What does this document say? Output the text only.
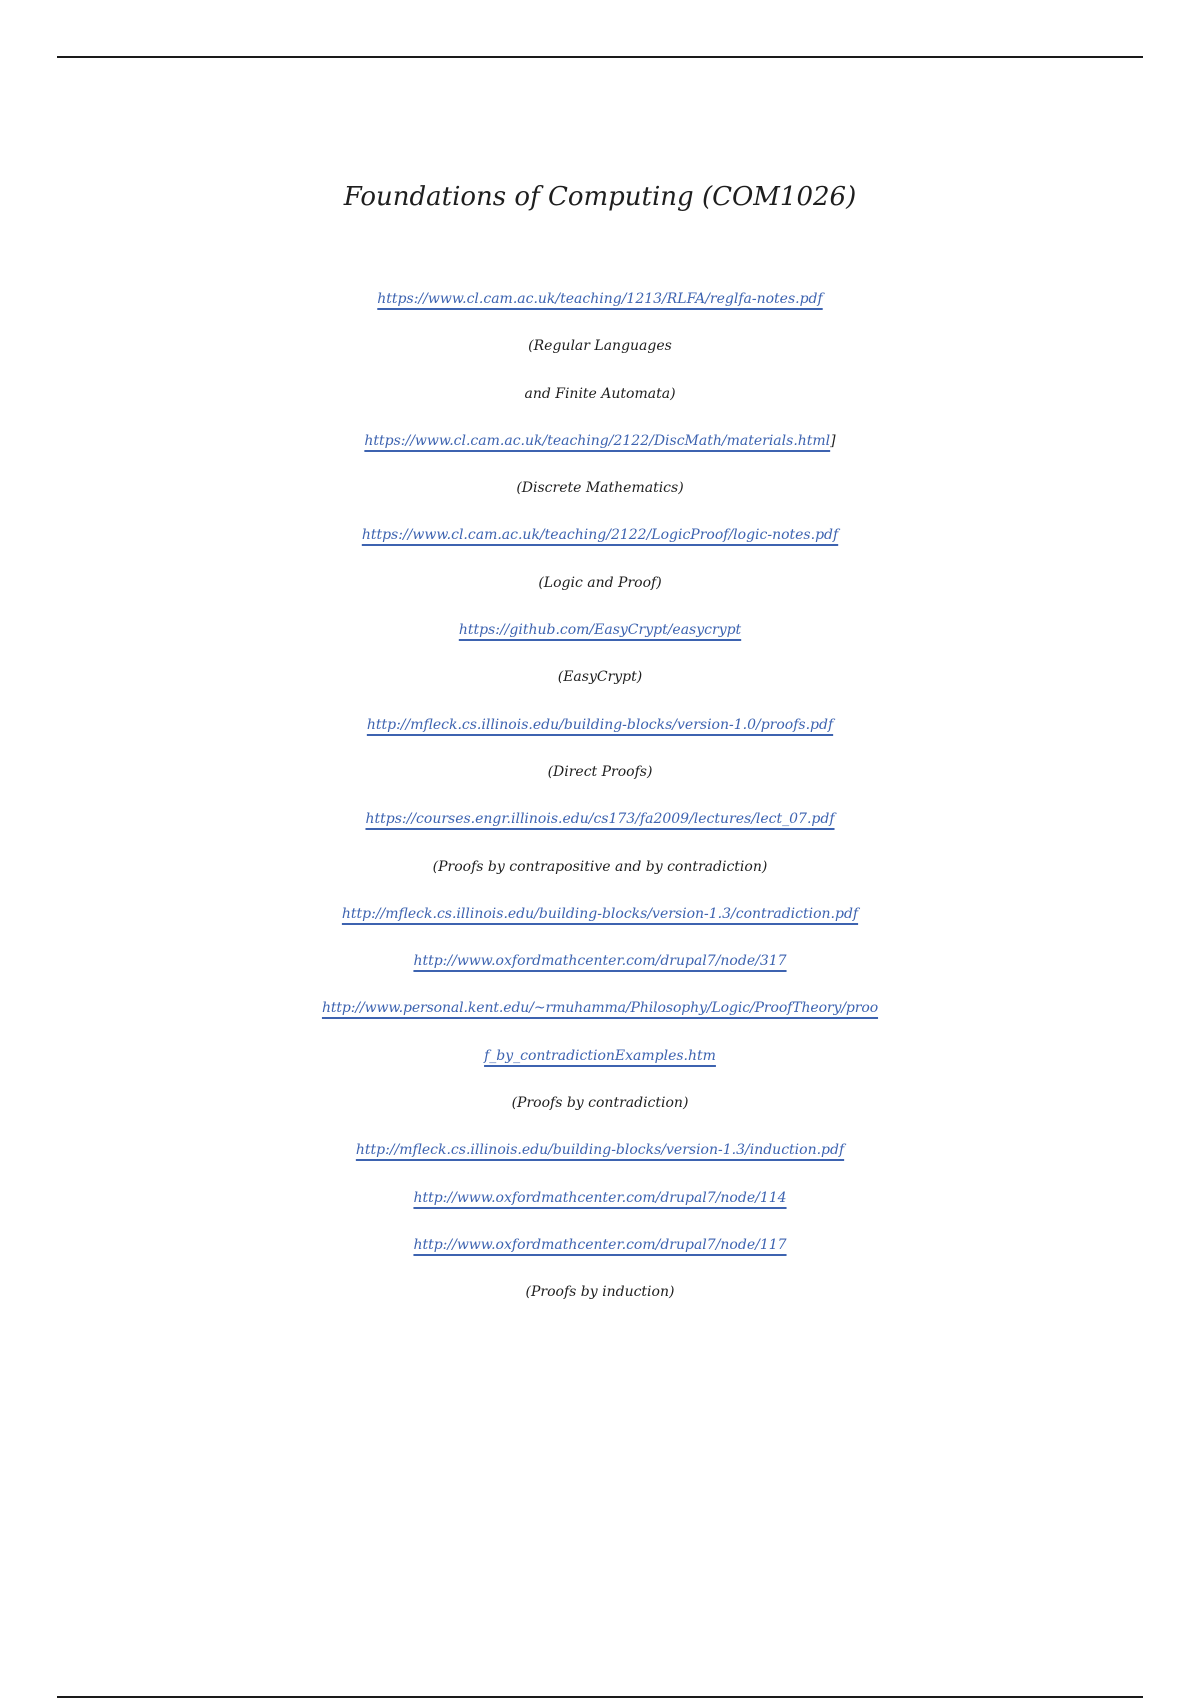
Foundations of Computing (COM1026)
https://www.cl.cam.ac.uk/teaching/1213/RLFA/reglfa-notes.pdf
(Regular Languages
and Finite Automata)
https://www.cl.cam.ac.uk/teaching/2122/DiscMath/materials.html]
(Discrete Mathematics)
https://www.cl.cam.ac.uk/teaching/2122/LogicProof/logic-notes.pdf
(Logic and Proof)
https://github.com/EasyCrypt/easycrypt
(EasyCrypt)
http://mfleck.cs.illinois.edu/building-blocks/version-1.0/proofs.pdf
(Direct Proofs)
https://courses.engr.illinois.edu/cs173/fa2009/lectures/lect_07.pdf
(Proofs by contrapositive and by contradiction)
http://mfleck.cs.illinois.edu/building-blocks/version-1.3/contradiction.pdf
http://www.oxfordmathcenter.com/drupal7/node/317
http://www.personal.kent.edu/~rmuhamma/Philosophy/Logic/ProofTheory/proo
f_by_contradictionExamples.htm
(Proofs by contradiction)
http://mfleck.cs.illinois.edu/building-blocks/version-1.3/induction.pdf
http://www.oxfordmathcenter.com/drupal7/node/114
http://www.oxfordmathcenter.com/drupal7/node/117
(Proofs by induction)
